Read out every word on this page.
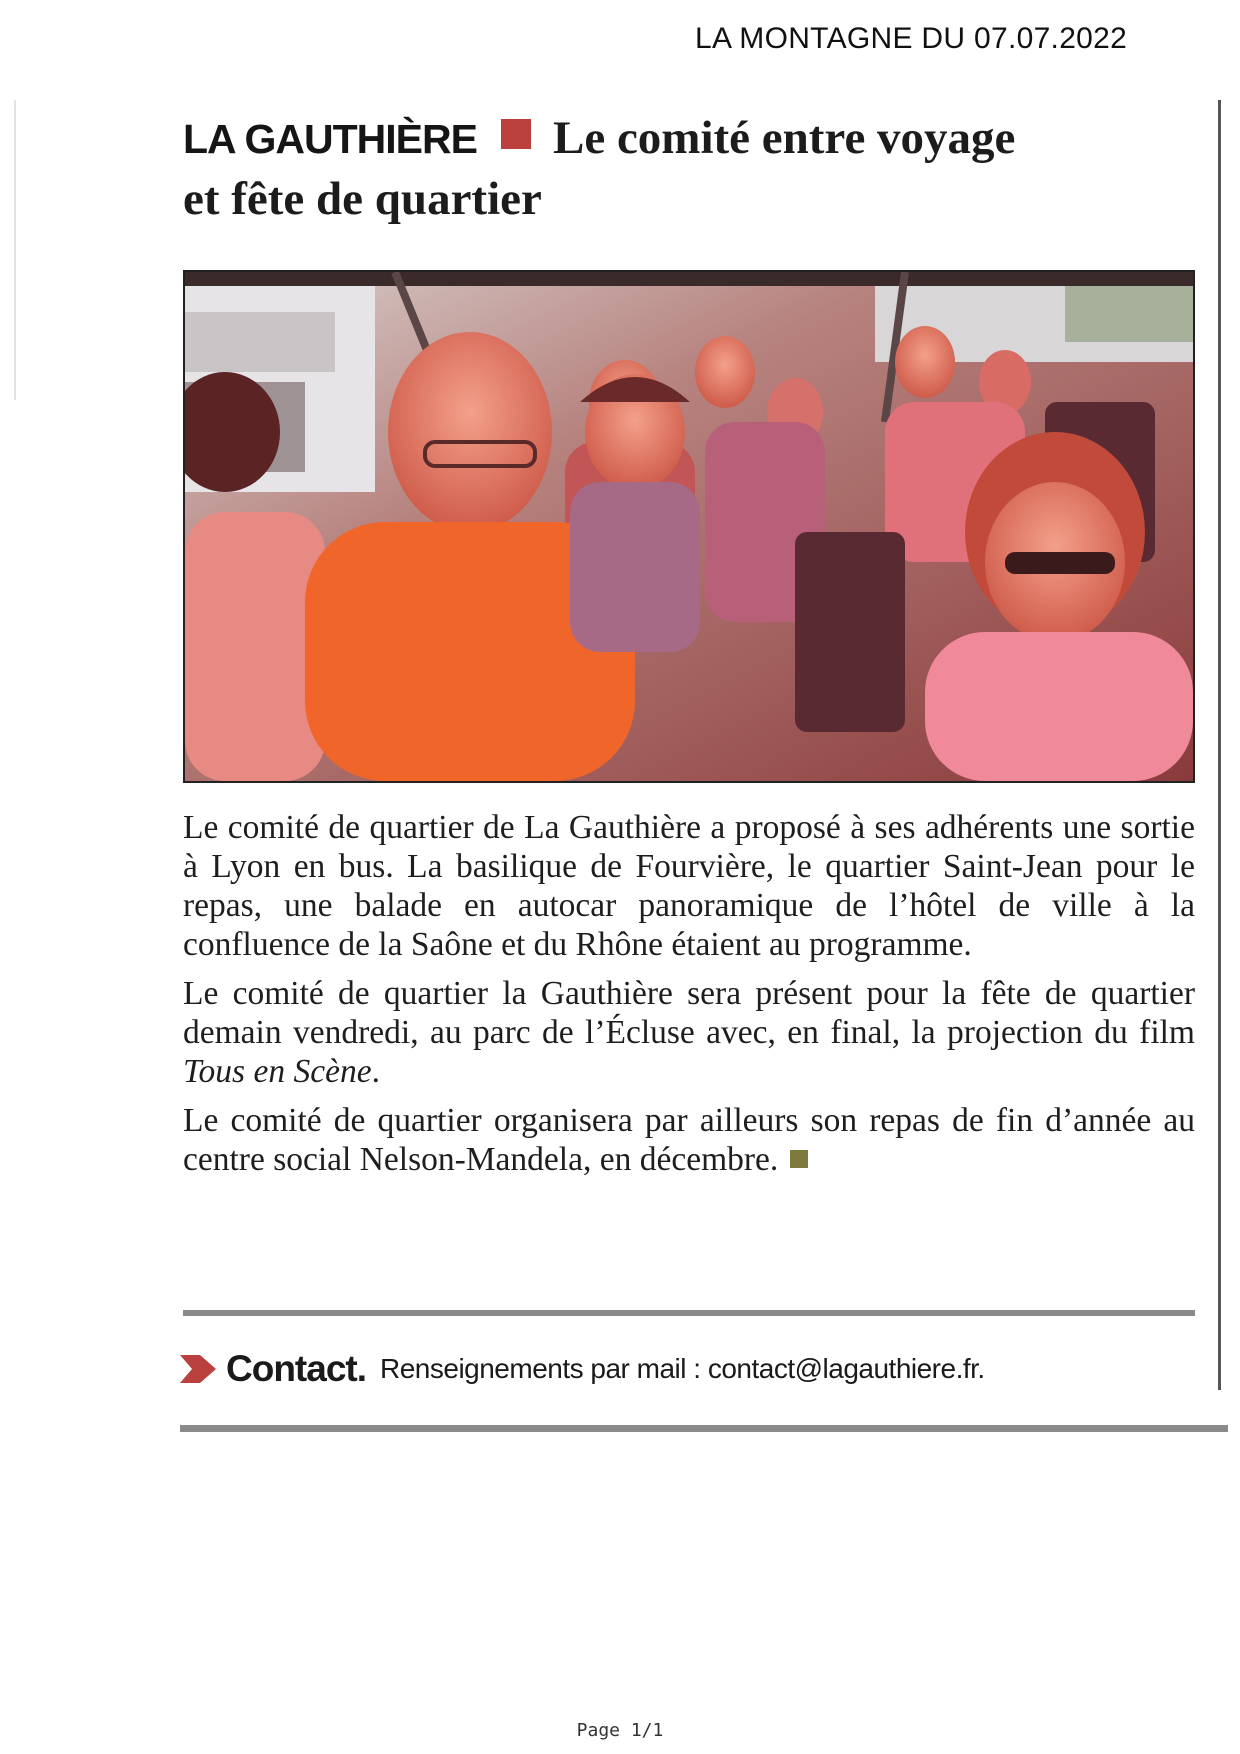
LA MONTAGNE DU 07.07.2022
LA GAUTHIÈRE Le comité entre voyage
et fête de quartier

Le comité de quartier de La Gauthière a proposé à ses adhérents une sortie à Lyon en bus. La basilique de Fourvière, le quartier Saint-Jean pour le repas, une balade en autocar panoramique de l’hôtel de ville à la confluence de la Saône et du Rhône étaient au programme.

Le comité de quartier la Gauthière sera présent pour la fête de quartier demain vendredi, au parc de l’Écluse avec, en final, la projection du film Tous en Scène.

Le comité de quartier organisera par ailleurs son repas de fin d’année au centre social Nelson-Mandela, en décembre.

Contact. Renseignements par mail : contact@lagauthiere.fr.
Page 1/1
